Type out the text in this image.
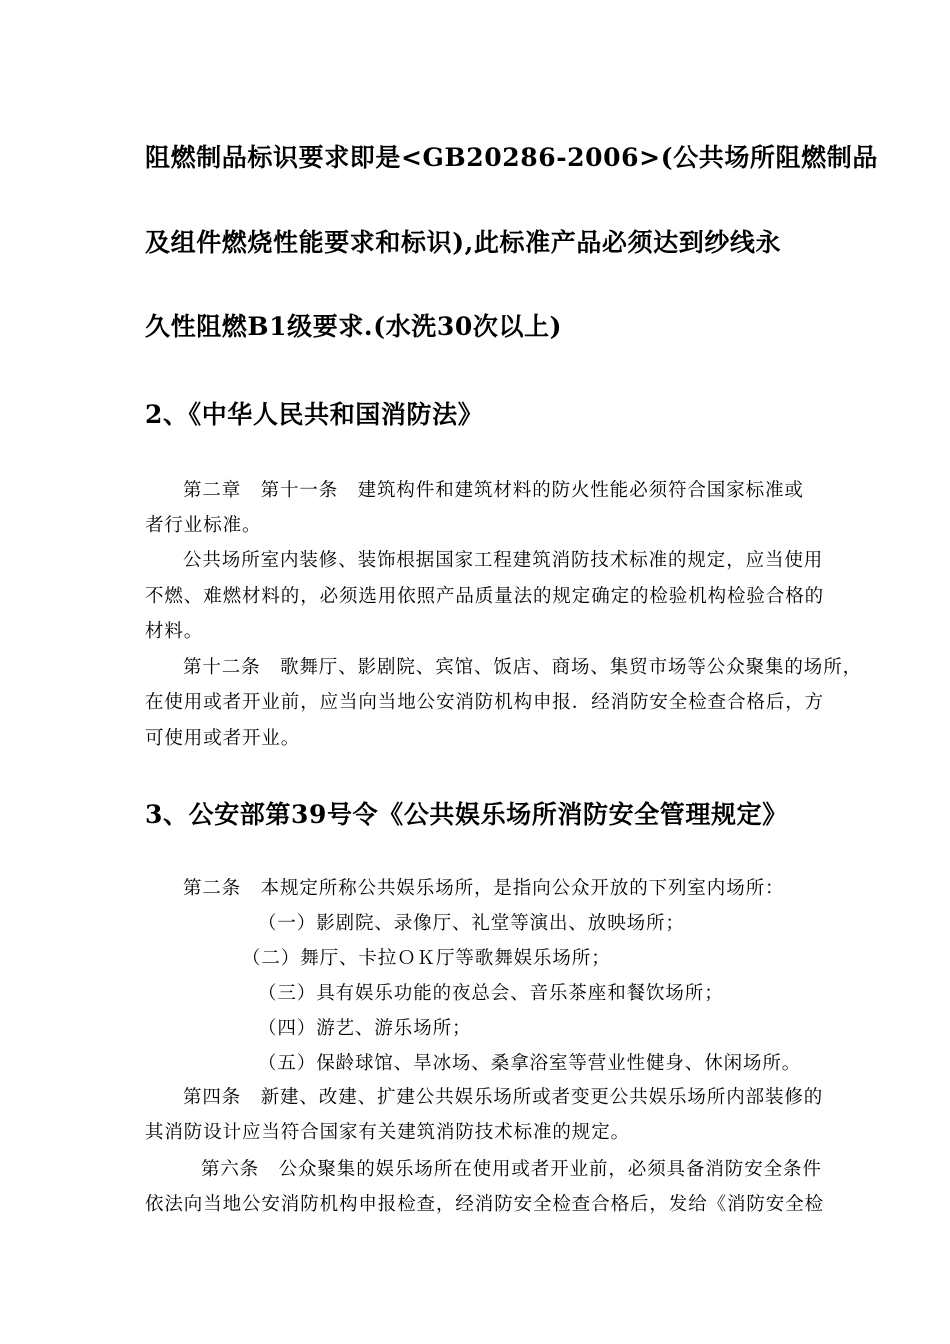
阻燃制品标识要求即是<GB20286-2006>(公共场所阻燃制品

及组件燃烧性能要求和标识),此标准产品必须达到纱线永

久性阻燃B1级要求.(水洗30次以上)

2、《中华人民共和国消防法》

第二章　第十一条　建筑构件和建筑材料的防火性能必须符合国家标准或

者行业标准。

公共场所室内装修、装饰根据国家工程建筑消防技术标准的规定，应当使用

不燃、难燃材料的，必须选用依照产品质量法的规定确定的检验机构检验合格的

材料。

第十二条　歌舞厅、影剧院、宾馆、饭店、商场、集贸市场等公众聚集的场所，

在使用或者开业前，应当向当地公安消防机构申报．经消防安全检查合格后，方

可使用或者开业。

3、公安部第39号令《公共娱乐场所消防安全管理规定》

第二条　本规定所称公共娱乐场所，是指向公众开放的下列室内场所：

（一）影剧院、录像厅、礼堂等演出、放映场所；

（二）舞厅、卡拉ＯＫ厅等歌舞娱乐场所；

（三）具有娱乐功能的夜总会、音乐茶座和餐饮场所；

（四）游艺、游乐场所；

（五）保龄球馆、旱冰场、桑拿浴室等营业性健身、休闲场所。

第四条　新建、改建、扩建公共娱乐场所或者变更公共娱乐场所内部装修的

其消防设计应当符合国家有关建筑消防技术标准的规定。

第六条　公众聚集的娱乐场所在使用或者开业前，必须具备消防安全条件

依法向当地公安消防机构申报检查，经消防安全检查合格后，发给《消防安全检
